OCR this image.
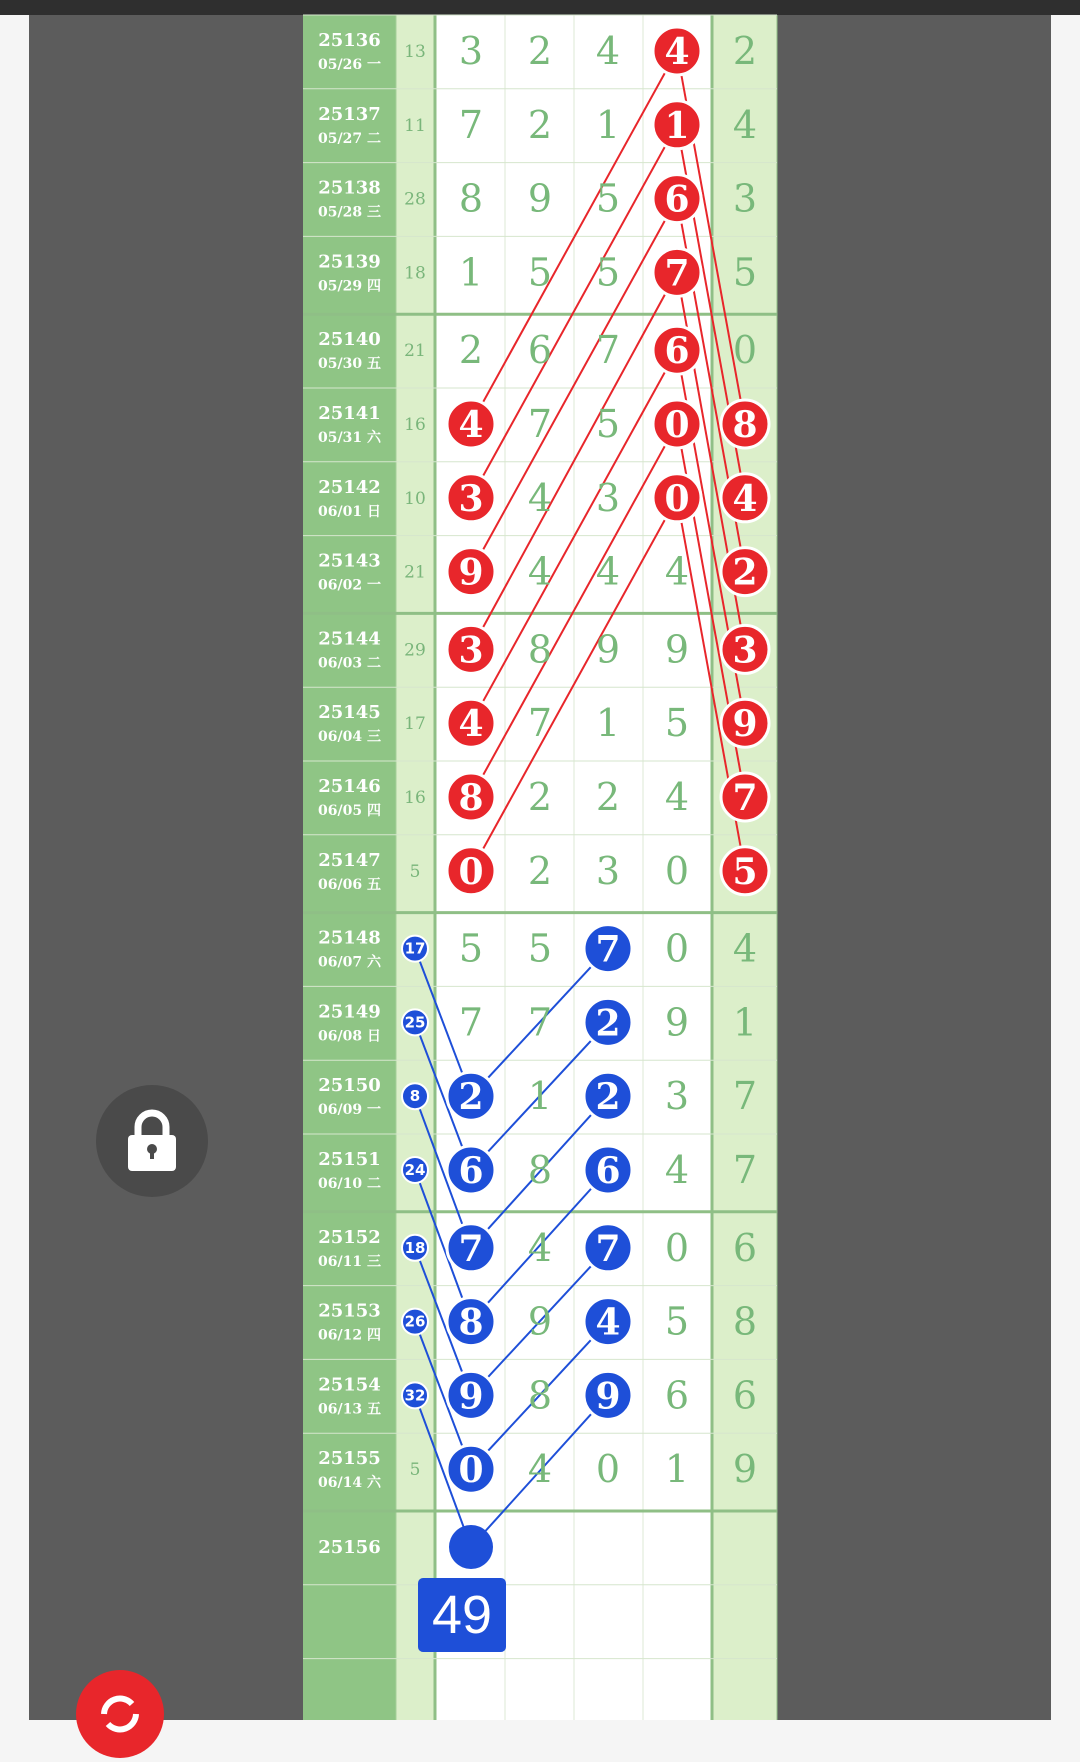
25136
05/26 一
13 3 2 4 4 2
25137
05/27 二
11 7 2 1 1 4
25138
05/28 三
28 8 9 5 6 3
25139
05/29 四
18 1 5 5 7 5
25140
05/30 五
21 2 6 7 6 0
25141
05/31 六
16 4 7 5 0 8
25142
06/01 日
10 3 4 3 0 4
25143
06/02 一
21 9 4 4 4 2
25144
06/03 二
29 3 8 9 9 3
25145
06/04 三
17 4 7 1 5 9
25146
06/05 四
16 8 2 2 4 7
25147
06/06 五
5 0 2 3 0 5
25148
06/07 六
17 5 5 7 0 4
25149
06/08 日
25 7 7 2 9 1
25150
06/09 一
8 2 1 2 3 7
25151
06/10 二
24 6 8 6 4 7
25152
06/11 三
18 7 4 7 0 6
25153
06/12 四
26 8 9 4 5 8
25154
06/13 五
32 9 8 9 6 6
25155
06/14 六
5 0 4 0 1 9
25156
49
